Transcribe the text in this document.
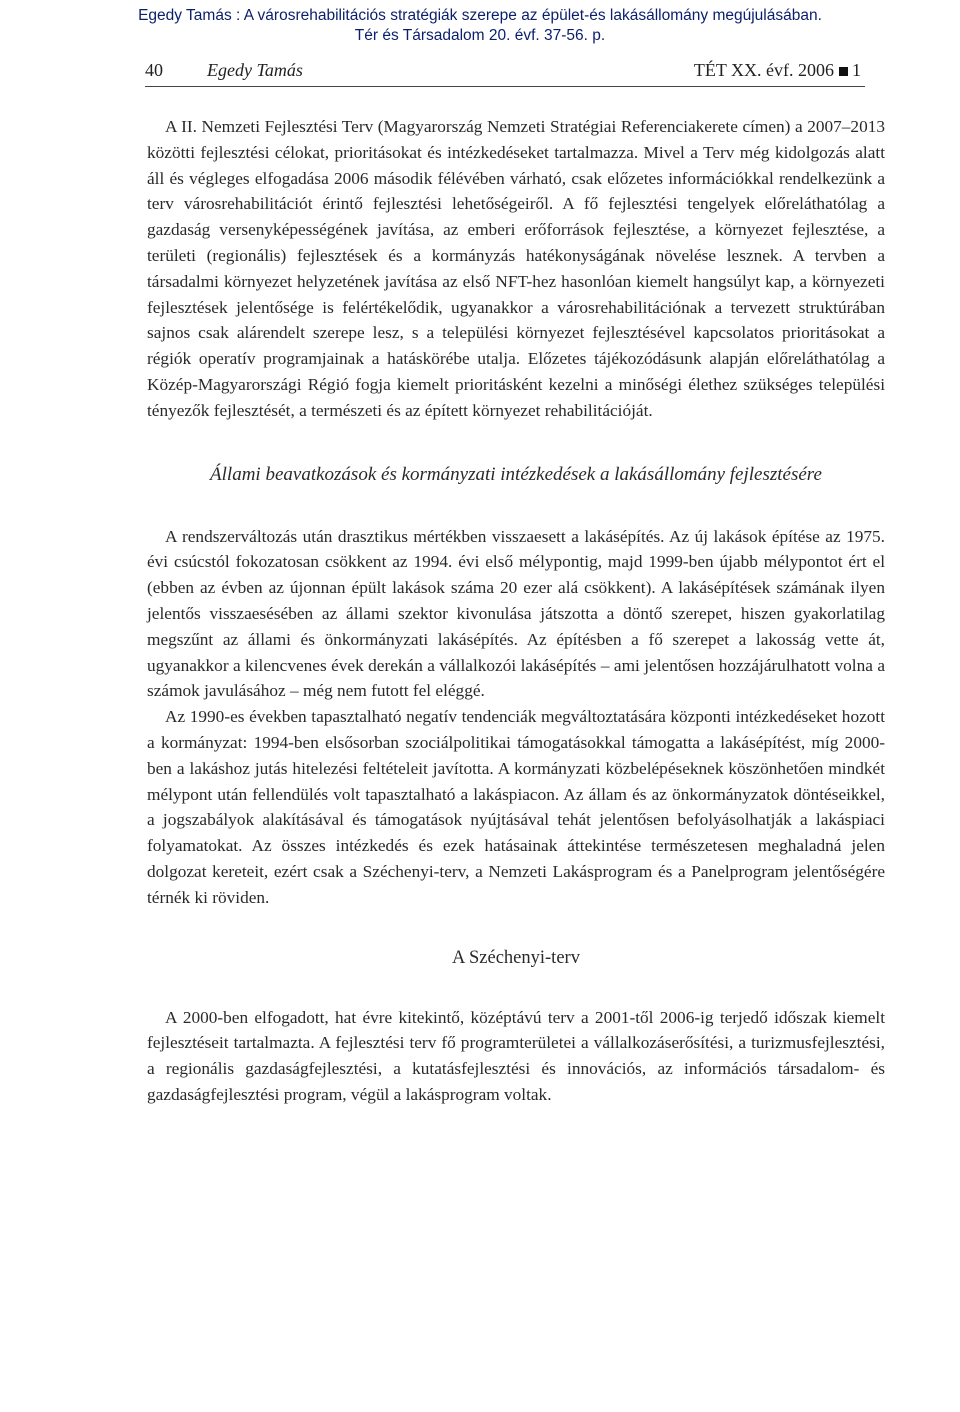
Egedy Tamás : A városrehabilitációs stratégiák szerepe az épület-és lakásállomány megújulásában.
Tér és Társadalom 20. évf. 37-56. p.
40 Egedy Tamás	TÉT XX. évf. 2006 1

A II. Nemzeti Fejlesztési Terv (Magyarország Nemzeti Stratégiai Referenciakerete címen) a 2007–2013 közötti fejlesztési célokat, prioritásokat és intézkedéseket tartalmazza. Mivel a Terv még kidolgozás alatt áll és végleges elfogadása 2006 második félévében várható, csak előzetes információkkal rendelkezünk a terv városrehabilitációt érintő fejlesztési lehetőségeiről. A fő fejlesztési tengelyek előreláthatólag a gazdaság versenyképességének javítása, az emberi erőforrások fejlesztése, a környezet fejlesztése, a területi (regionális) fejlesztések és a kormányzás hatékonyságának növelése lesznek. A tervben a társadalmi környezet helyzetének javítása az első NFT-hez hasonlóan kiemelt hangsúlyt kap, a környezeti fejlesztések jelentősége is felértékelődik, ugyanakkor a városrehabilitációnak a tervezett struktúrában sajnos csak alárendelt szerepe lesz, s a települési környezet fejlesztésével kapcsolatos prioritásokat a régiók operatív programjainak a hatáskörébe utalja. Előzetes tájékozódásunk alapján előreláthatólag a Közép-Magyarországi Régió fogja kiemelt prioritásként kezelni a minőségi élethez szükséges települési tényezők fejlesztését, a természeti és az épített környezet rehabilitációját.

Állami beavatkozások és kormányzati intézkedések a lakásállomány fejlesztésére

A rendszerváltozás után drasztikus mértékben visszaesett a lakásépítés. Az új lakások építése az 1975. évi csúcstól fokozatosan csökkent az 1994. évi első mélypontig, majd 1999-ben újabb mélypontot ért el (ebben az évben az újonnan épült lakások száma 20 ezer alá csökkent). A lakásépítések számának ilyen jelentős visszaesésében az állami szektor kivonulása játszotta a döntő szerepet, hiszen gyakorlatilag megszűnt az állami és önkormányzati lakásépítés. Az építésben a fő szerepet a lakosság vette át, ugyanakkor a kilencvenes évek derekán a vállalkozói lakásépítés – ami jelentősen hozzájárulhatott volna a számok javulásához – még nem futott fel eléggé.

Az 1990-es években tapasztalható negatív tendenciák megváltoztatására központi intézkedéseket hozott a kormányzat: 1994-ben elsősorban szociálpolitikai támogatásokkal támogatta a lakásépítést, míg 2000-ben a lakáshoz jutás hitelezési feltételeit javította. A kormányzati közbelépéseknek köszönhetően mindkét mélypont után fellendülés volt tapasztalható a lakáspiacon. Az állam és az önkormányzatok döntéseikkel, a jogszabályok alakításával és támogatások nyújtásával tehát jelentősen befolyásolhatják a lakáspiaci folyamatokat. Az összes intézkedés és ezek hatásainak áttekintése természetesen meghaladná jelen dolgozat kereteit, ezért csak a Széchenyi-terv, a Nemzeti Lakásprogram és a Panelprogram jelentőségére térnék ki röviden.

A Széchenyi-terv

A 2000-ben elfogadott, hat évre kitekintő, középtávú terv a 2001-től 2006-ig terjedő időszak kiemelt fejlesztéseit tartalmazta. A fejlesztési terv fő programterületei a vállalkozáserősítési, a turizmusfejlesztési, a regionális gazdaságfejlesztési, a kutatásfejlesztési és innovációs, az információs társadalom- és gazdaságfejlesztési program, végül a lakásprogram voltak.
